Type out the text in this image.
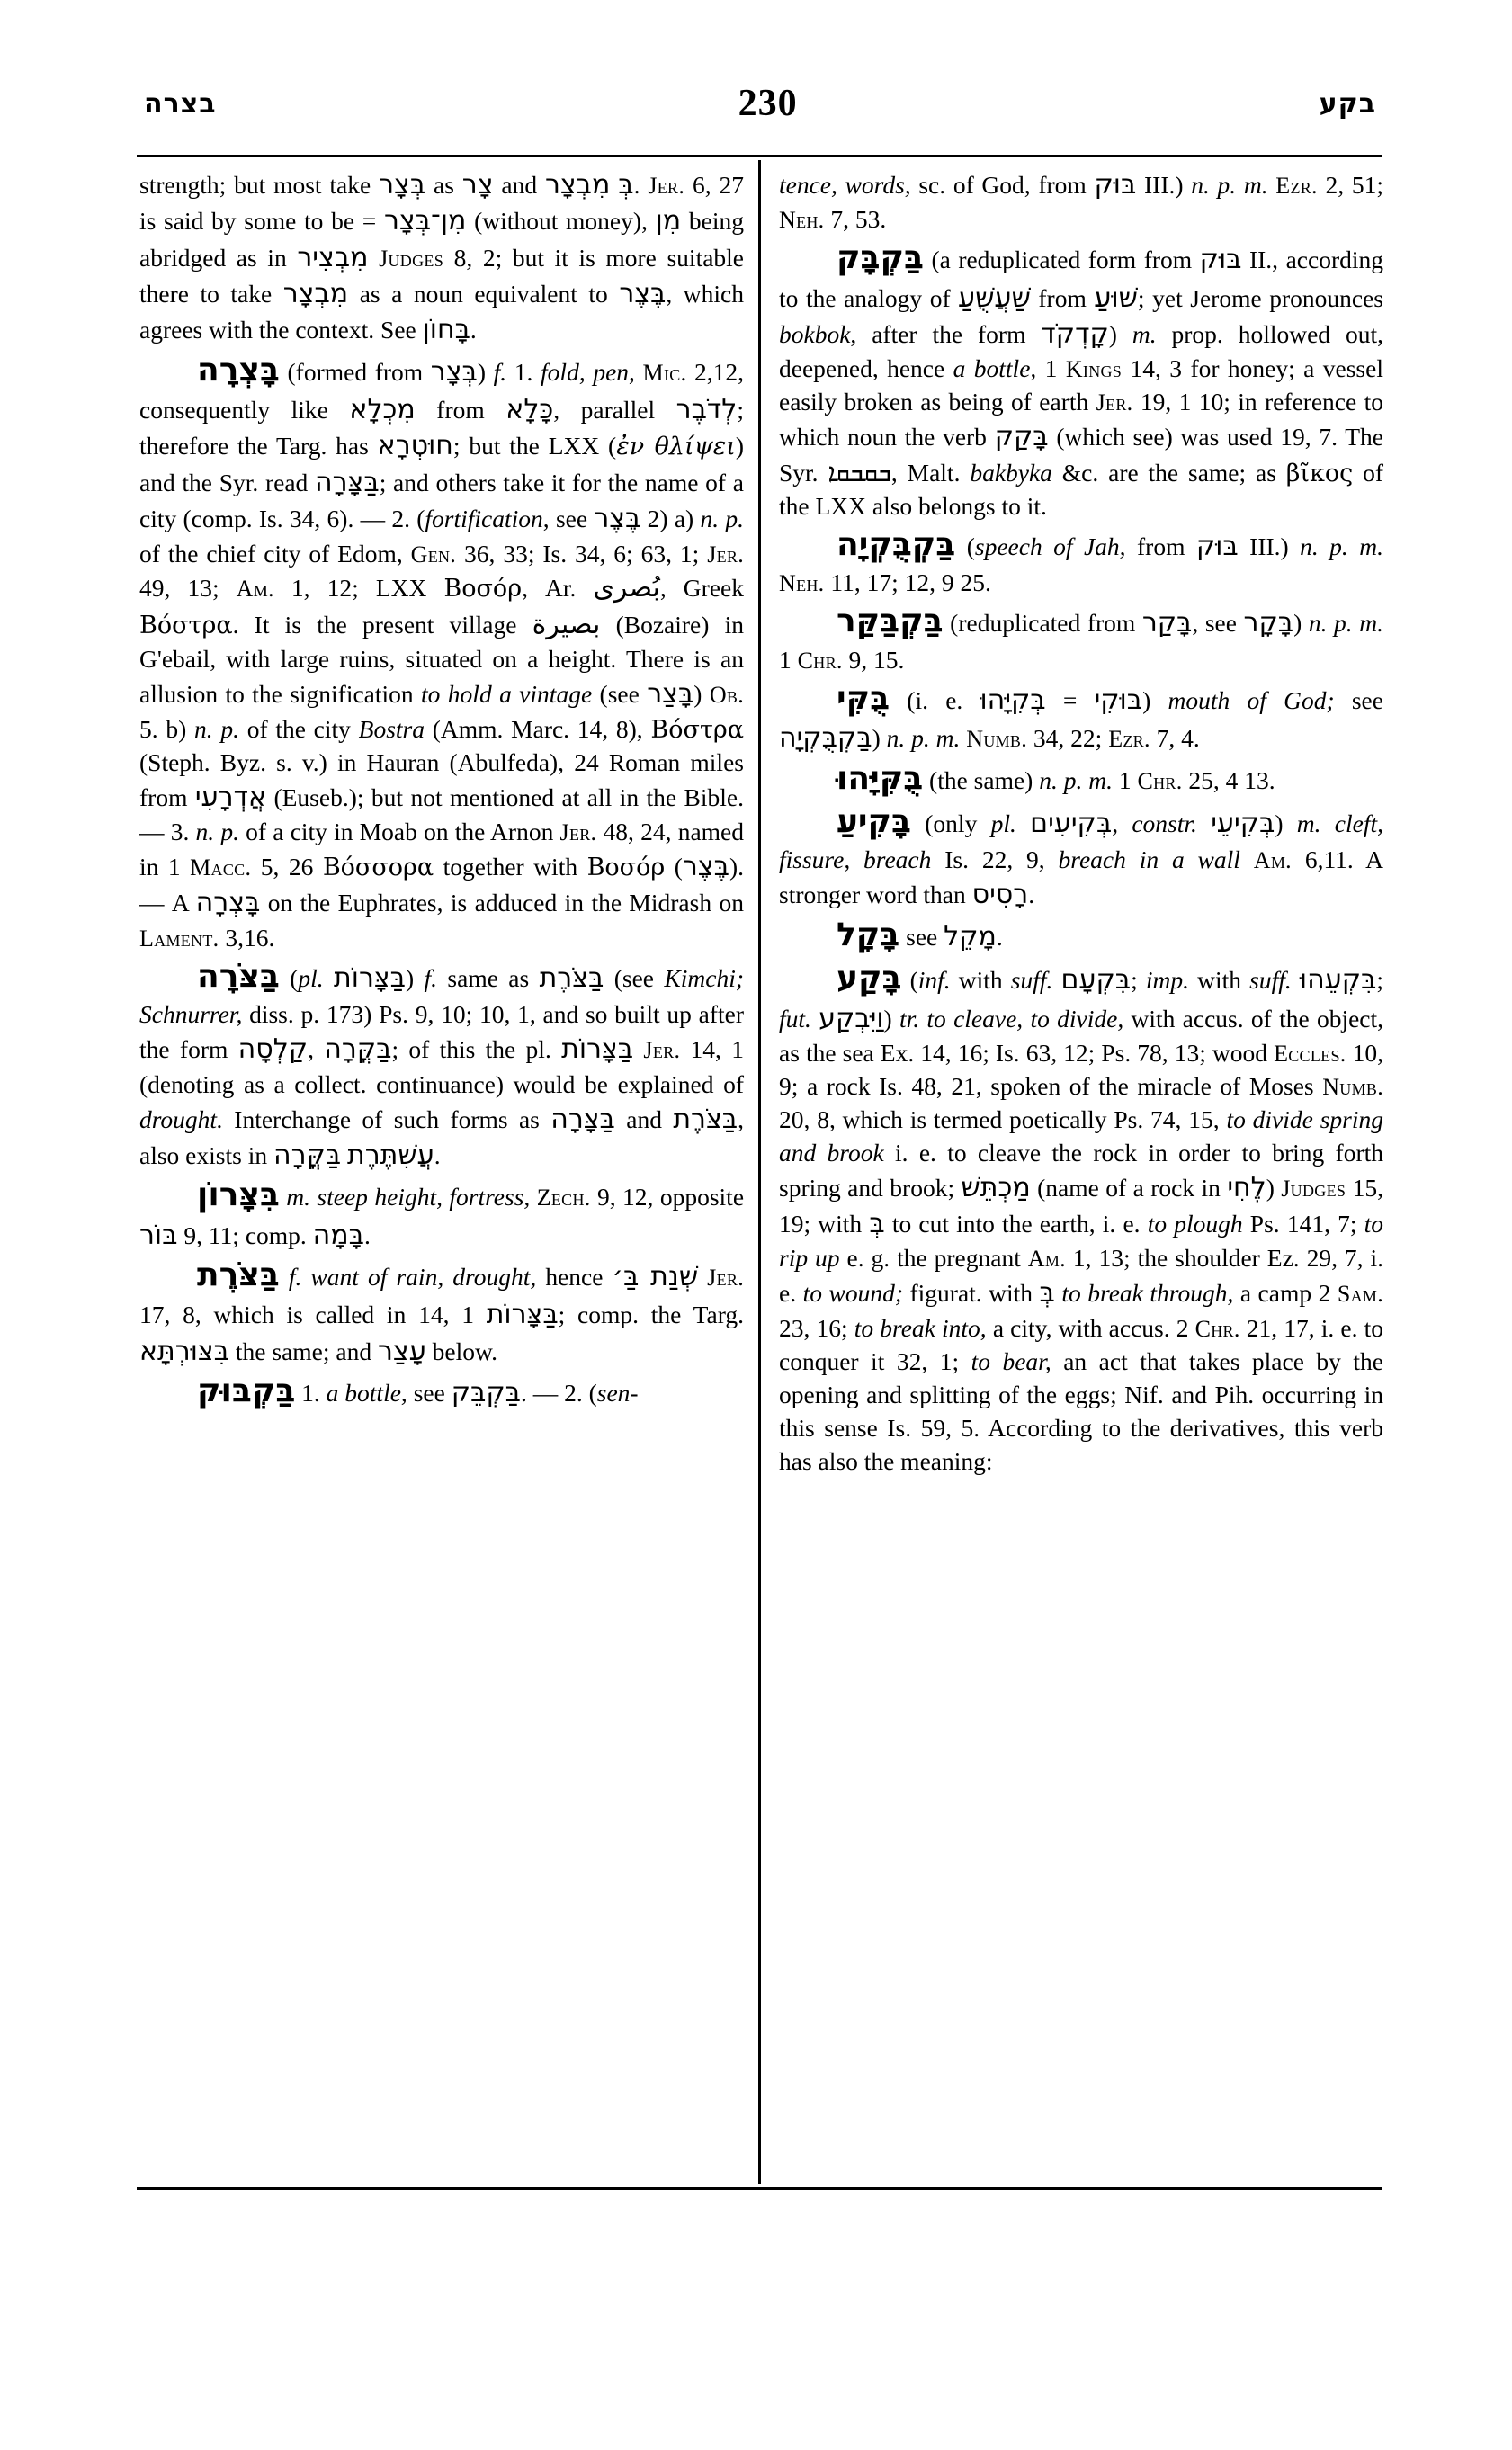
בצרה	230	בקע

strength; but most take בְּצָר as צָר and מִבְצָר בְּ. Jer. 6, 27 is said by some to be = מִן־בְּצָר (without money), מִן being abridged as in מִבְצִיר Judges 8, 2; but it is more suitable there to take מִבְצָר as a noun equivalent to בֶּצֶר, which agrees with the context. See בָּחוֹן.

בָּצְרָה (formed from בְּצָר) f. 1. fold, pen, Mic. 2,12, consequently like מִכְלָא from כָּלָא, parallel לְדֹבֶר; therefore the Targ. has חוּטְרָא; but the LXX (ἐν θλίψει) and the Syr. read בַּצָּרָה; and others take it for the name of a city (comp. Is. 34, 6). — 2. (fortification, see בֶּצֶר 2) a) n. p. of the chief city of Edom, Gen. 36, 33; Is. 34, 6; 63, 1; Jer. 49, 13; Am. 1, 12; LXX Βοσόρ, Ar. بُصرى, Greek Βόστρα. It is the present village بصيرة (Bozaire) in G'ebail, with large ruins, situated on a height. There is an allusion to the signification to hold a vintage (see בָּצַר) Ob. 5. b) n. p. of the city Bostra (Amm. Marc. 14, 8), Βόστρα (Steph. Byz. s. v.) in Hauran (Abulfeda), 24 Roman miles from אֲדְרָעִי (Euseb.); but not mentioned at all in the Bible. — 3. n. p. of a city in Moab on the Arnon Jer. 48, 24, named in 1 Macc. 5, 26 Βόσσορα together with Βοσόρ (בֶּצֶר). — A בָּצְרָה on the Euphrates, is adduced in the Midrash on Lament. 3,16.

בַּצֹּרָה (pl. בַּצָּרוֹת) f. same as בַּצֹּרֶת (see Kimchi; Schnurrer, diss. p. 173) Ps. 9, 10; 10, 1, and so built up after the form קַלְסָה, בַּקֳּרָה; of this the pl. בַּצָּרוֹת Jer. 14, 1 (denoting as a collect. continuance) would be explained of drought. Interchange of such forms as בַּצָּרָה and בַּצֹּרֶת, also exists in בַּקֳּרָה עֲשִׁתֶּרֶת.

בִּצָּרוֹן m. steep height, fortress, Zech. 9, 12, opposite בּוֹר 9, 11; comp. בָּמָה.

בַּצֹּרֶת f. want of rain, drought, hence שְׁנַת בַּ׳ Jer. 17, 8, which is called in 14, 1 בַּצָּרוֹת; comp. the Targ. בִּצּוּרְתָּא the same; and עָצַר below.

בַּקְבּוּק 1. a bottle, see בַּקְבֵּק. — 2. (sen-

tence, words, sc. of God, from בּוּק III.) n. p. m. Ezr. 2, 51; Neh. 7, 53.

בַּקְבָּק (a reduplicated form from בּוּק II., according to the analogy of שַׁעֲשֻׁעַ from שׁוּעַ; yet Jerome pronounces bokbok, after the form קָדְקֹד) m. prop. hollowed out, deepened, hence a bottle, 1 Kings 14, 3 for honey; a vessel easily broken as being of earth Jer. 19, 1 10; in reference to which noun the verb בָּקַק (which see) was used 19, 7. The Syr. ܒܩܒܩܐ, Malt. bakbyka &c. are the same; as βῖκος of the LXX also belongs to it.

בַּקְבֻּקְיָה (speech of Jah, from בּוּק III.) n. p. m. Neh. 11, 17; 12, 9 25.

בַּקְבַּקַּר (reduplicated from בָּקַר, see בָּקָר) n. p. m. 1 Chr. 9, 15.

בֻּקִּי (i. e. בְּקִיָּהוּ = בּוּקִי) mouth of God; see בַּקְבֻּקְיָה) n. p. m. Numb. 34, 22; Ezr. 7, 4.

בֻּקִּיָּהוּ (the same) n. p. m. 1 Chr. 25, 4 13.

בָּקִיעַ (only pl. בְּקִיעִים, constr. בְּקִיעֵי) m. cleft, fissure, breach Is. 22, 9, breach in a wall Am. 6,11. A stronger word than רָסִיס.

בָּקָל see מָקֵל.

בָּקַע (inf. with suff. בִּקְעָם; imp. with suff. בִּקְעֵהוּ; fut. וַיִּבְקַע) tr. to cleave, to divide, with accus. of the object, as the sea Ex. 14, 16; Is. 63, 12; Ps. 78, 13; wood Eccles. 10, 9; a rock Is. 48, 21, spoken of the miracle of Moses Numb. 20, 8, which is termed poetically Ps. 74, 15, to divide spring and brook i. e. to cleave the rock in order to bring forth spring and brook; מַכְתֵּשׁ (name of a rock in לֶחִי) Judges 15, 19; with בְּ to cut into the earth, i. e. to plough Ps. 141, 7; to rip up e. g. the pregnant Am. 1, 13; the shoulder Ez. 29, 7, i. e. to wound; figurat. with בְּ to break through, a camp 2 Sam. 23, 16; to break into, a city, with accus. 2 Chr. 21, 17, i. e. to conquer it 32, 1; to bear, an act that takes place by the opening and splitting of the eggs; Nif. and Pih. occurring in this sense Is. 59, 5. According to the derivatives, this verb has also the meaning:
